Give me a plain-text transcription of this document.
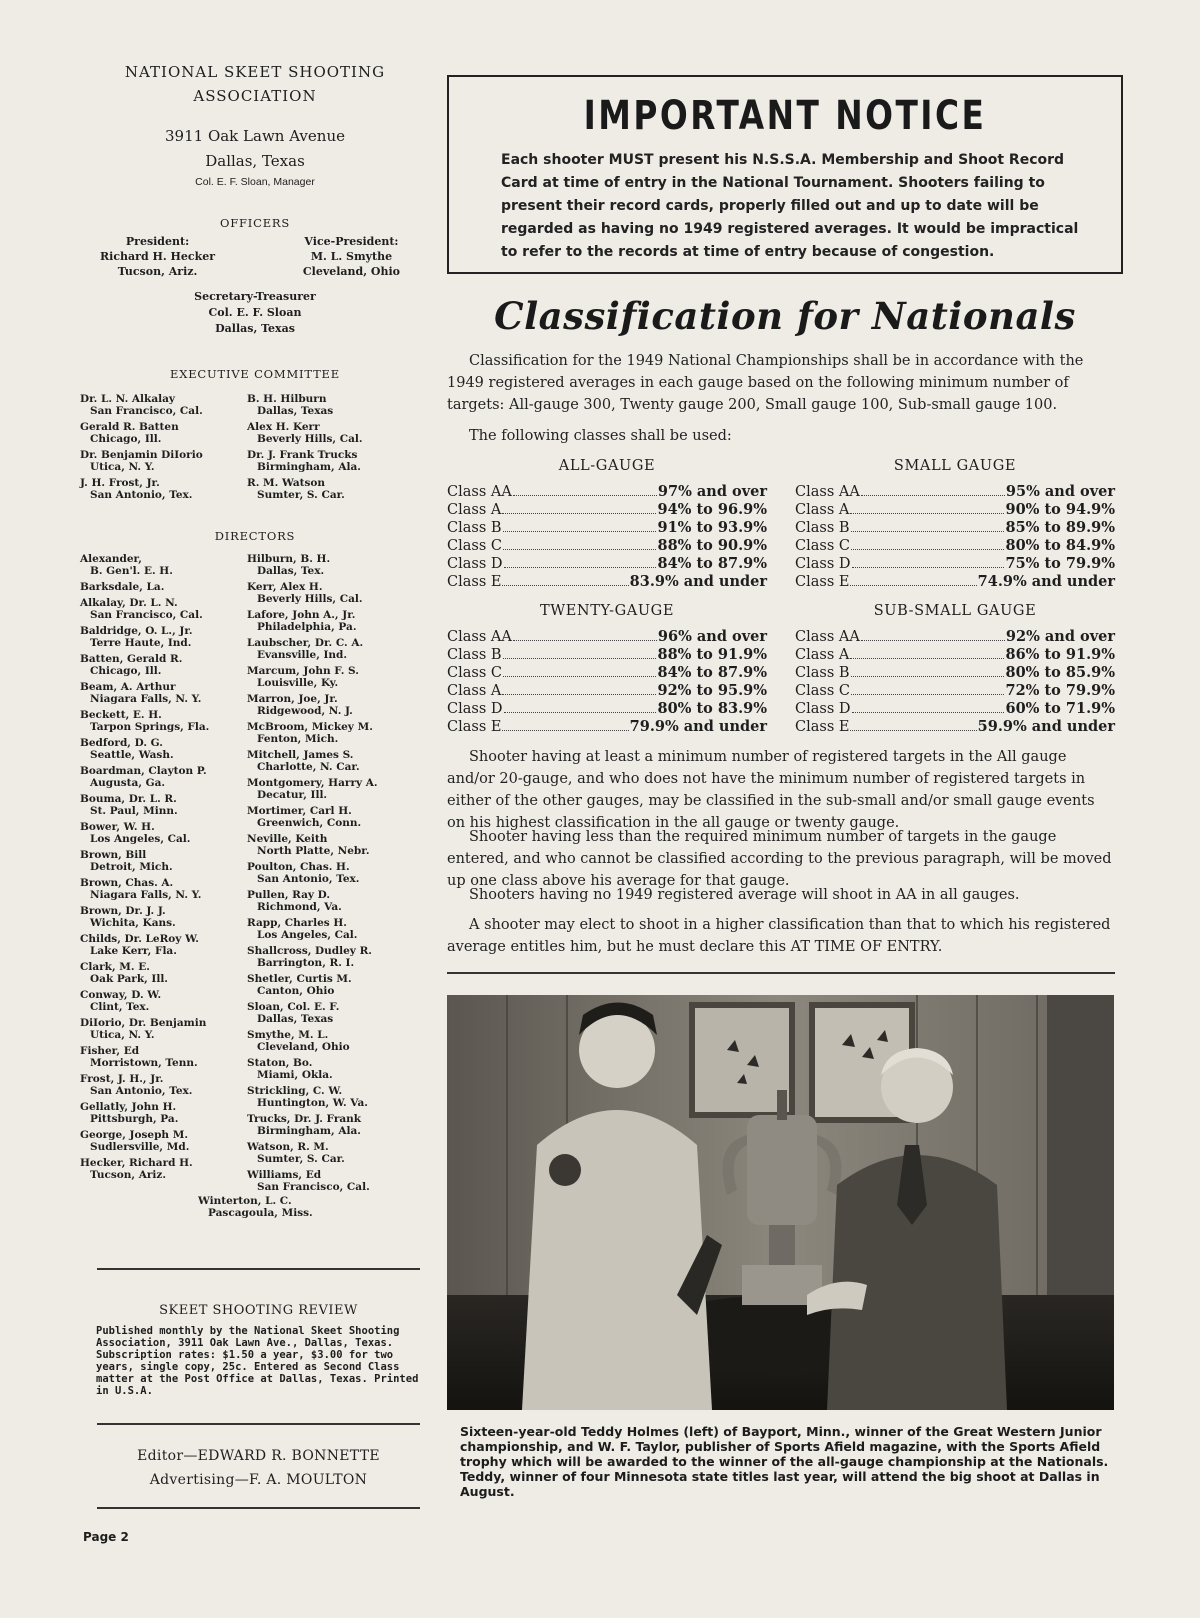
NATIONAL SKEET SHOOTING
ASSOCIATION
3911 Oak Lawn Avenue
Dallas, Texas
Col. E. F. Sloan, Manager
OFFICERS
President:
Richard H. Hecker
Tucson, Ariz.
Vice-President:
M. L. Smythe
Cleveland, Ohio
Secretary-Treasurer
Col. E. F. Sloan
Dallas, Texas
EXECUTIVE COMMITTEE
Dr. L. N. Alkalay
San Francisco, Cal.
Gerald R. Batten
Chicago, Ill.
Dr. Benjamin DiIorio
Utica, N. Y.
J. H. Frost, Jr.
San Antonio, Tex.
B. H. Hilburn
Dallas, Texas
Alex H. Kerr
Beverly Hills, Cal.
Dr. J. Frank Trucks
Birmingham, Ala.
R. M. Watson
Sumter, S. Car.
DIRECTORS
Alexander,
B. Gen'l. E. H.
Barksdale, La.
Alkalay, Dr. L. N.
San Francisco, Cal.
Baldridge, O. L., Jr.
Terre Haute, Ind.
Batten, Gerald R.
Chicago, Ill.
Beam, A. Arthur
Niagara Falls, N. Y.
Beckett, E. H.
Tarpon Springs, Fla.
Bedford, D. G.
Seattle, Wash.
Boardman, Clayton P.
Augusta, Ga.
Bouma, Dr. L. R.
St. Paul, Minn.
Bower, W. H.
Los Angeles, Cal.
Brown, Bill
Detroit, Mich.
Brown, Chas. A.
Niagara Falls, N. Y.
Brown, Dr. J. J.
Wichita, Kans.
Childs, Dr. LeRoy W.
Lake Kerr, Fla.
Clark, M. E.
Oak Park, Ill.
Conway, D. W.
Clint, Tex.
DiIorio, Dr. Benjamin
Utica, N. Y.
Fisher, Ed
Morristown, Tenn.
Frost, J. H., Jr.
San Antonio, Tex.
Gellatly, John H.
Pittsburgh, Pa.
George, Joseph M.
Sudlersville, Md.
Hecker, Richard H.
Tucson, Ariz.
Hilburn, B. H.
Dallas, Tex.
Kerr, Alex H.
Beverly Hills, Cal.
Lafore, John A., Jr.
Philadelphia, Pa.
Laubscher, Dr. C. A.
Evansville, Ind.
Marcum, John F. S.
Louisville, Ky.
Marron, Joe, Jr.
Ridgewood, N. J.
McBroom, Mickey M.
Fenton, Mich.
Mitchell, James S.
Charlotte, N. Car.
Montgomery, Harry A.
Decatur, Ill.
Mortimer, Carl H.
Greenwich, Conn.
Neville, Keith
North Platte, Nebr.
Poulton, Chas. H.
San Antonio, Tex.
Pullen, Ray D.
Richmond, Va.
Rapp, Charles H.
Los Angeles, Cal.
Shallcross, Dudley R.
Barrington, R. I.
Shetler, Curtis M.
Canton, Ohio
Sloan, Col. E. F.
Dallas, Texas
Smythe, M. L.
Cleveland, Ohio
Staton, Bo.
Miami, Okla.
Strickling, C. W.
Huntington, W. Va.
Trucks, Dr. J. Frank
Birmingham, Ala.
Watson, R. M.
Sumter, S. Car.
Williams, Ed
San Francisco, Cal.
Winterton, L. C.
Pascagoula, Miss.
SKEET SHOOTING REVIEW
Published monthly by the National Skeet Shooting Association, 3911 Oak Lawn Ave., Dallas, Texas. Subscription rates: $1.50 a year, $3.00 for two years, single copy, 25c. Entered as Second Class matter at the Post Office at Dallas, Texas. Printed in U.S.A.
Editor—EDWARD R. BONNETTE
Advertising—F. A. MOULTON
Page 2
IMPORTANT NOTICE
Each shooter MUST present his N.S.S.A. Membership and Shoot Record Card at time of entry in the National Tournament. Shooters failing to present their record cards, properly filled out and up to date will be regarded as having no 1949 registered averages. It would be impractical to refer to the records at time of entry because of congestion.
Classification for Nationals
Classification for the 1949 National Championships shall be in accordance with the 1949 registered averages in each gauge based on the following minimum number of targets: All-gauge 300, Twenty gauge 200, Small gauge 100, Sub-small gauge 100.
The following classes shall be used:
ALL-GAUGE
Class AA	97% and over
Class A	94% to 96.9%
Class B	91% to 93.9%
Class C	88% to 90.9%
Class D	84% to 87.9%
Class E	83.9% and under
SMALL GAUGE
Class AA	95% and over
Class A	90% to 94.9%
Class B	85% to 89.9%
Class C	80% to 84.9%
Class D	75% to 79.9%
Class E	74.9% and under
TWENTY-GAUGE
Class AA	96% and over
Class B	88% to 91.9%
Class C	84% to 87.9%
Class A	92% to 95.9%
Class D	80% to 83.9%
Class E	79.9% and under
SUB-SMALL GAUGE
Class AA	92% and over
Class A	86% to 91.9%
Class B	80% to 85.9%
Class C	72% to 79.9%
Class D	60% to 71.9%
Class E	59.9% and under
Shooter having at least a minimum number of registered targets in the All gauge and/or 20-gauge, and who does not have the minimum number of registered targets in either of the other gauges, may be classified in the sub-small and/or small gauge events on his highest classification in the all gauge or twenty gauge.
Shooter having less than the required minimum number of targets in the gauge entered, and who cannot be classified according to the previous paragraph, will be moved up one class above his average for that gauge.
Shooters having no 1949 registered average will shoot in AA in all gauges.
A shooter may elect to shoot in a higher classification than that to which his registered average entitles him, but he must declare this AT TIME OF ENTRY.
Sixteen-year-old Teddy Holmes (left) of Bayport, Minn., winner of the Great Western Junior championship, and W. F. Taylor, publisher of Sports Afield magazine, with the Sports Afield trophy which will be awarded to the winner of the all-gauge championship at the Nationals. Teddy, winner of four Minnesota state titles last year, will attend the big shoot at Dallas in August.
